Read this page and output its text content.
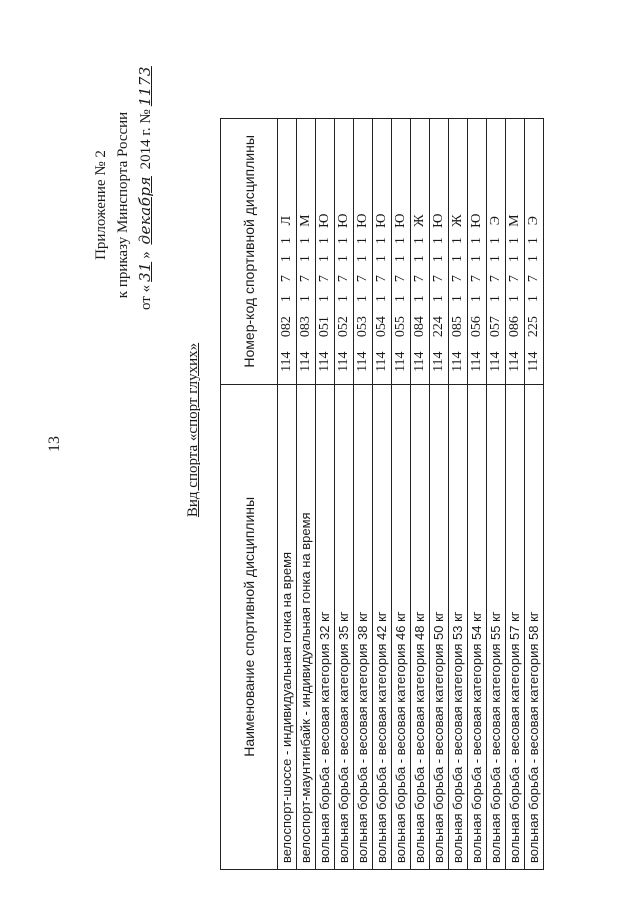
13
Приложение № 2 к приказу Минспорта России от «31» декабря 2014 г. №1173
Вид спорта «спорт глухих»
Наименование спортивной дисциплины	Номер-код спортивной дисциплины
велоспорт-шоссе - индивидуальная гонка на время	1140821711Л
велоспорт-маунтинбайк - индивидуальная гонка на время	1140831711М
вольная борьба - весовая категория 32 кг	1140511711Ю
вольная борьба - весовая категория 35 кг	1140521711Ю
вольная борьба - весовая категория 38 кг	1140531711Ю
вольная борьба - весовая категория 42 кг	1140541711Ю
вольная борьба - весовая категория 46 кг	1140551711Ю
вольная борьба - весовая категория 48 кг	1140841711Ж
вольная борьба - весовая категория 50 кг	1142241711Ю
вольная борьба - весовая категория 53 кг	1140851711Ж
вольная борьба - весовая категория 54 кг	1140561711Ю
вольная борьба - весовая категория 55 кг	1140571711Э
вольная борьба - весовая категория 57 кг	1140861711М
вольная борьба - весовая категория 58 кг	1142251711Э
